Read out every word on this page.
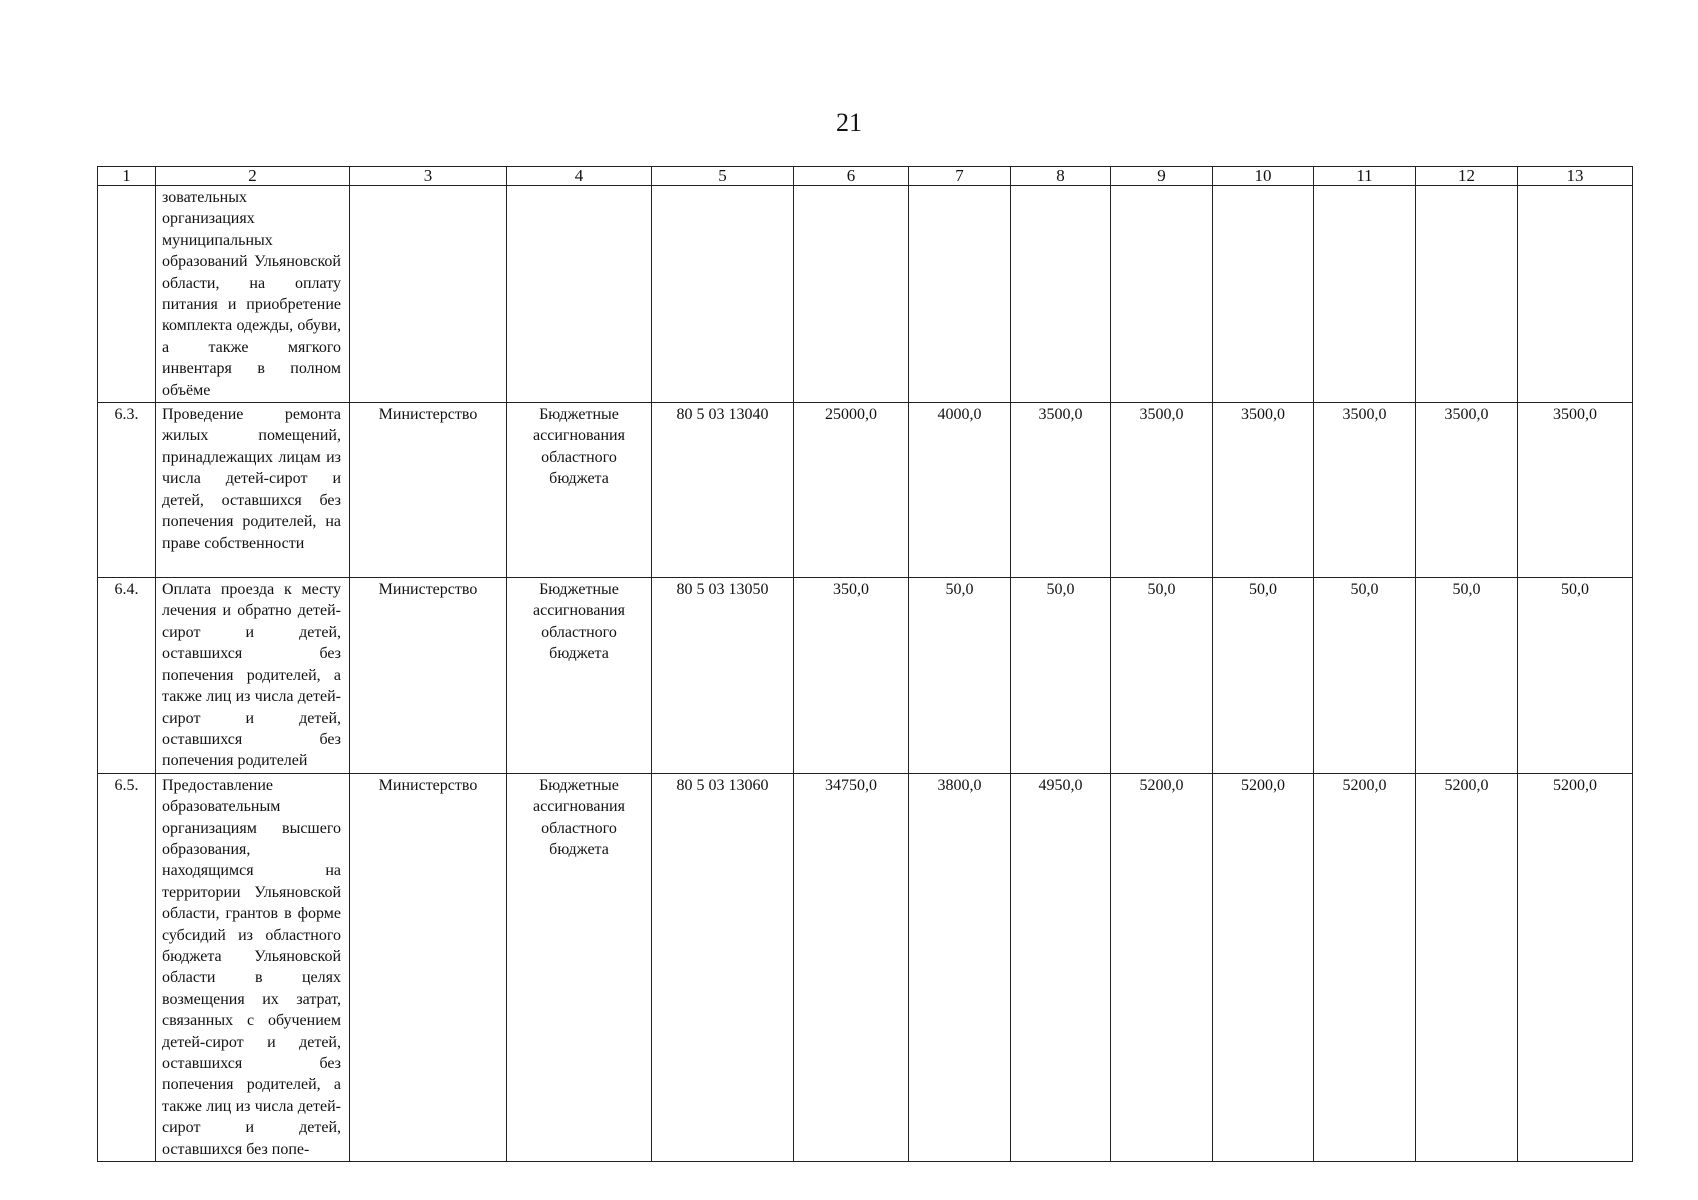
21
1	2	3	4	5	6	7	8	9	10	11	12	13
	зовательных организациях муниципальных образований Ульяновской области, на оплату питания и приобретение комплекта одежды, обуви, а также мягкого инвентаря в полном объёме											
6.3.	Проведение ремонта жилых помещений, принадлежащих лицам из числа детей-сирот и детей, оставшихся без попечения родителей, на праве собственности	Министерство	Бюджетные ассигнования областного бюджета	80 5 03 13040	25000,0	4000,0	3500,0	3500,0	3500,0	3500,0	3500,0	3500,0
6.4.	Оплата проезда к месту лечения и обратно детей-сирот и детей, оставшихся без попечения родителей, а также лиц из числа детей-сирот и детей, оставшихся без попечения родителей	Министерство	Бюджетные ассигнования областного бюджета	80 5 03 13050	350,0	50,0	50,0	50,0	50,0	50,0	50,0	50,0
6.5.	Предоставление образовательным организациям высшего образования, находящимся на территории Ульяновской области, грантов в форме субсидий из областного бюджета Ульяновской области в целях возмещения их затрат, связанных с обучением детей-сирот и детей, оставшихся без попечения родителей, а также лиц из числа детей-сирот и детей, оставшихся без попе-	Министерство	Бюджетные ассигнования областного бюджета	80 5 03 13060	34750,0	3800,0	4950,0	5200,0	5200,0	5200,0	5200,0	5200,0
